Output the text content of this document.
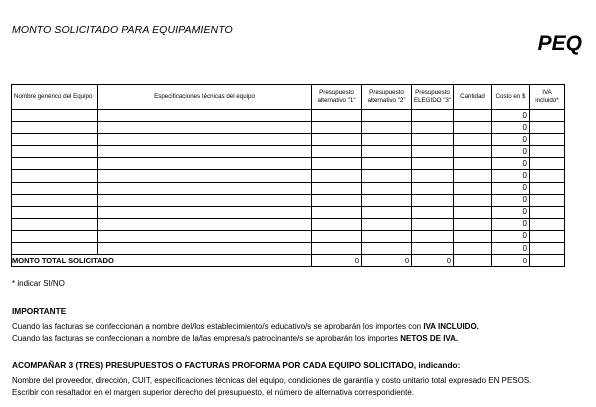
MONTO SOLICITADO PARA EQUIPAMIENTO
PEQ
Nombre genérico del Equipo	Especificaciones técnicas del equipo	Presupuesto alternativo "1"	Presupuesto alternativo "2"	Presupuesto ELEGIDO "3"	Cantidad	Costo en $	IVA incluido*
						0	
						0	
						0	
						0	
						0	
						0	
						0	
						0	
						0	
						0	
						0	
						0	
MONTO TOTAL SOLICITADO		0	0	0		0	
* indicar SI/NO
IMPORTANTE
Cuando las facturas se confeccionan a nombre del/los establecimiento/s educativo/s se aprobarán los importes con IVA INCLUIDO.
Cuando las facturas se confeccionan a nombre de la/las empresa/s patrocinante/s se aprobarán los importes NETOS DE IVA.
ACOMPAÑAR 3 (TRES) PRESUPUESTOS O FACTURAS PROFORMA POR CADA EQUIPO SOLICITADO, indicando:
Nombre del proveedor, dirección, CUIT, especificaciones técnicas del equipo, condiciones de garantía y costo unitario total expresado EN PESOS.
Escribir con resaltador en el margen superior derecho del presupuesto, el número de alternativa correspondiente.
